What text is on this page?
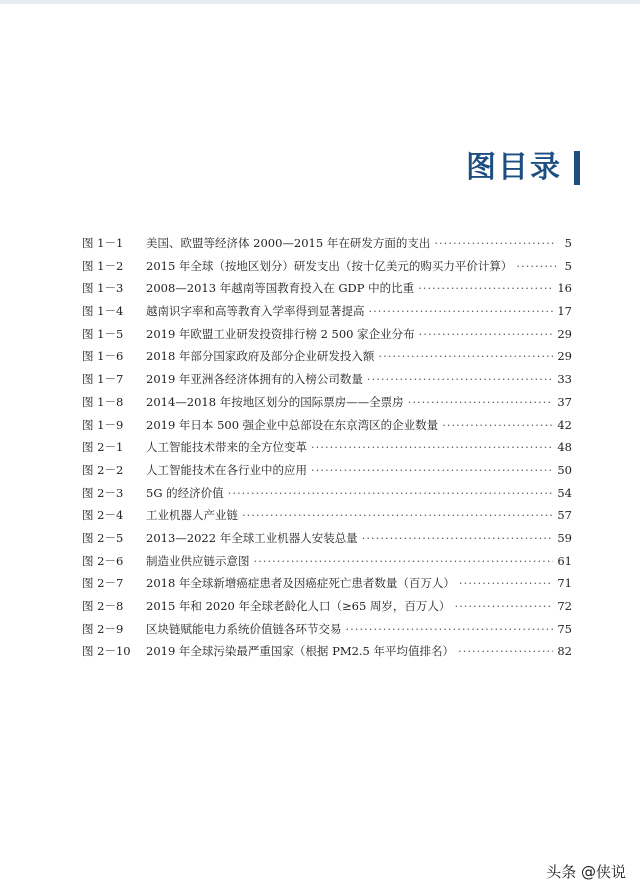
图目录
图 1－1	美国、欧盟等经济体 2000—2015 年在研发方面的支出 ·····	5
图 1－2	2015 年全球（按地区划分）研发支出（按十亿美元的购买力平价计算） ·····	5
图 1－3	2008—2013 年越南等国教育投入在 GDP 中的比重 ·····	16
图 1－4	越南识字率和高等教育入学率得到显著提高 ·····	17
图 1－5	2019 年欧盟工业研发投资排行榜 2 500 家企业分布 ·····	29
图 1－6	2018 年部分国家政府及部分企业研发投入额 ·····	29
图 1－7	2019 年亚洲各经济体拥有的入榜公司数量 ·····	33
图 1－8	2014—2018 年按地区划分的国际票房——全票房 ·····	37
图 1－9	2019 年日本 500 强企业中总部设在东京湾区的企业数量 ·····	42
图 2－1	人工智能技术带来的全方位变革 ·····	48
图 2－2	人工智能技术在各行业中的应用 ·····	50
图 2－3	5G 的经济价值 ·····	54
图 2－4	工业机器人产业链 ·····	57
图 2－5	2013—2022 年全球工业机器人安装总量 ·····	59
图 2－6	制造业供应链示意图 ·····	61
图 2－7	2018 年全球新增癌症患者及因癌症死亡患者数量（百万人） ·····	71
图 2－8	2015 年和 2020 年全球老龄化人口（≥65 周岁，百万人） ·····	72
图 2－9	区块链赋能电力系统价值链各环节交易 ·····	75
图 2－10	2019 年全球污染最严重国家（根据 PM2.5 年平均值排名） ·····	82
头条 @侠说
